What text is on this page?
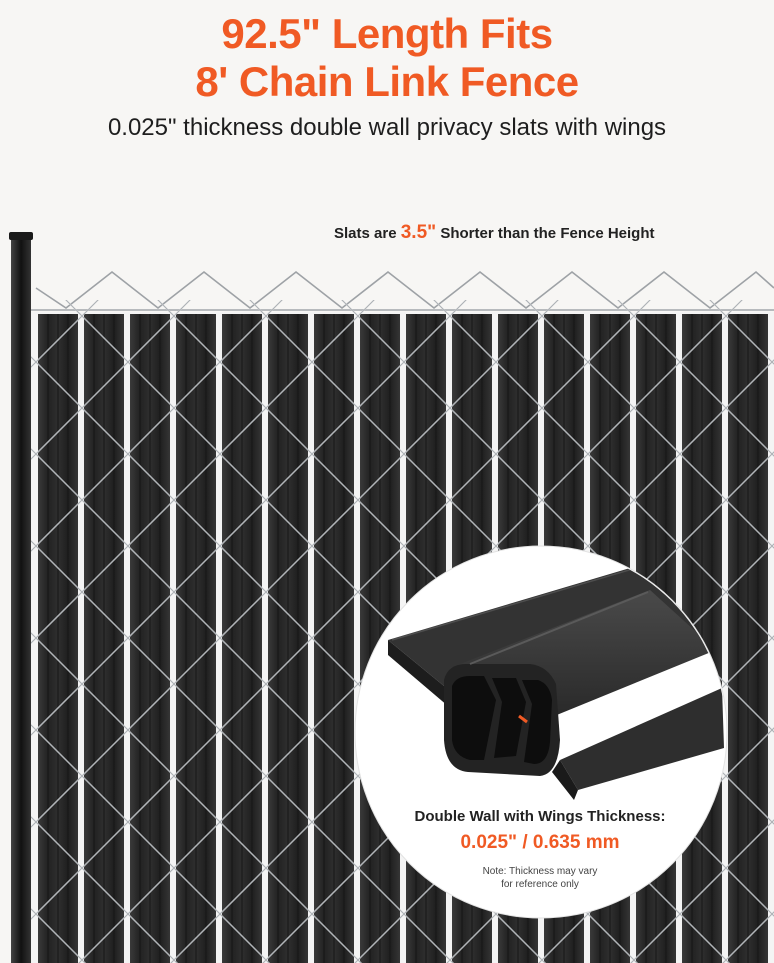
92.5" Length Fits
8' Chain Link Fence
0.025" thickness double wall privacy slats with wings
Slats are 3.5" Shorter than the Fence Height
Double Wall with Wings Thickness:
0.025" / 0.635 mm
Note: Thickness may vary
for reference only
